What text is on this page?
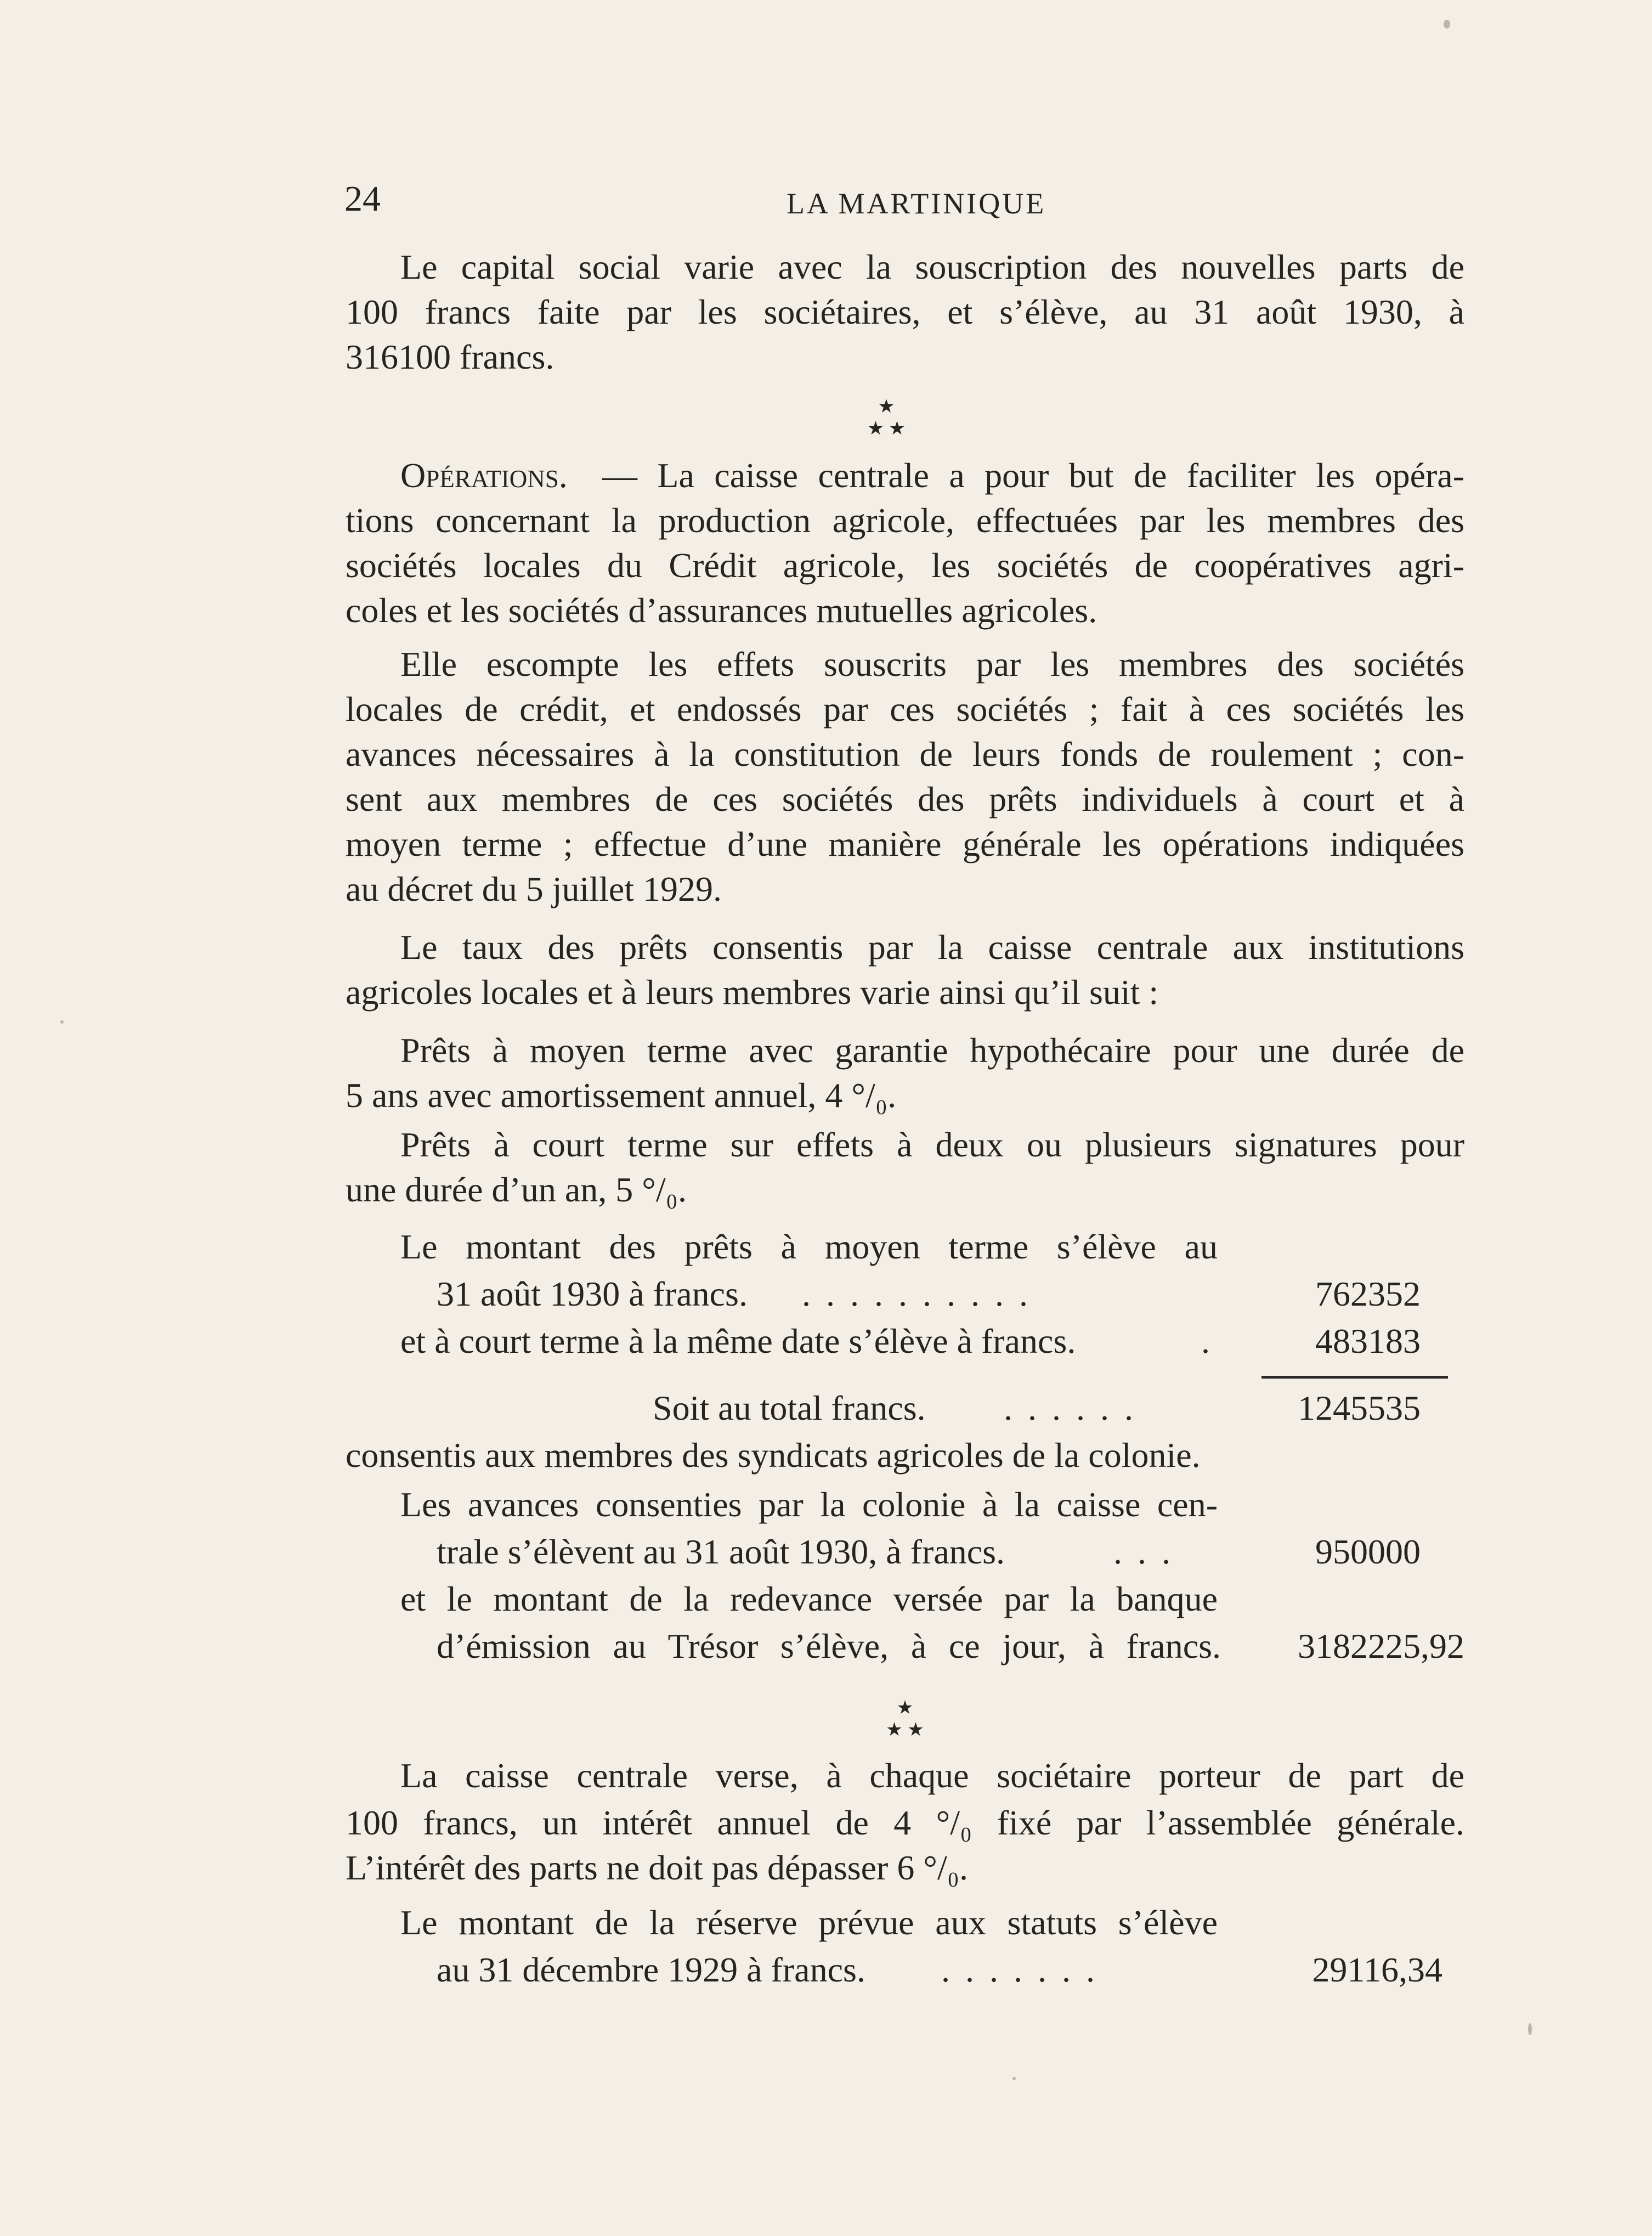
24	LA MARTINIQUE
Le capital social varie avec la souscription des nouvelles parts de
100 francs faite par les sociétaires, et s’élève, au 31 août 1930, à
316100 francs.
★
★ ★
Opérations. — La caisse centrale a pour but de faciliter les opéra-
tions concernant la production agricole, effectuées par les membres des
sociétés locales du Crédit agricole, les sociétés de coopératives agri-
coles et les sociétés d’assurances mutuelles agricoles.
Elle escompte les effets souscrits par les membres des sociétés
locales de crédit, et endossés par ces sociétés ; fait à ces sociétés les
avances nécessaires à la constitution de leurs fonds de roulement ; con-
sent aux membres de ces sociétés des prêts individuels à court et à
moyen terme ; effectue d’une manière générale les opérations indiquées
au décret du 5 juillet 1929.
Le taux des prêts consentis par la caisse centrale aux institutions
agricoles locales et à leurs membres varie ainsi qu’il suit :
Prêts à moyen terme avec garantie hypothécaire pour une durée de
5 ans avec amortissement annuel, 4 °/₀.
Prêts à court terme sur effets à deux ou plusieurs signatures pour
une durée d’un an, 5 °/₀.
Le montant des prêts à moyen terme s’élève au
31 août 1930 à francs. ..........	762352
et à court terme à la même date s’élève à francs.	.	483183
Soit au total francs. ......	1245535
consentis aux membres des syndicats agricoles de la colonie.
Les avances consenties par la colonie à la caisse cen-
trale s’élèvent au 31 août 1930, à francs.	...	950000
et le montant de la redevance versée par la banque
d’émission au Trésor s’élève, à ce jour, à francs.	3182225,92
★
★ ★
La caisse centrale verse, à chaque sociétaire porteur de part de
100 francs, un intérêt annuel de 4 °/₀ fixé par l’assemblée générale.
L’intérêt des parts ne doit pas dépasser 6 °/₀.
Le montant de la réserve prévue aux statuts s’élève
au 31 décembre 1929 à francs. .......	29116,34
